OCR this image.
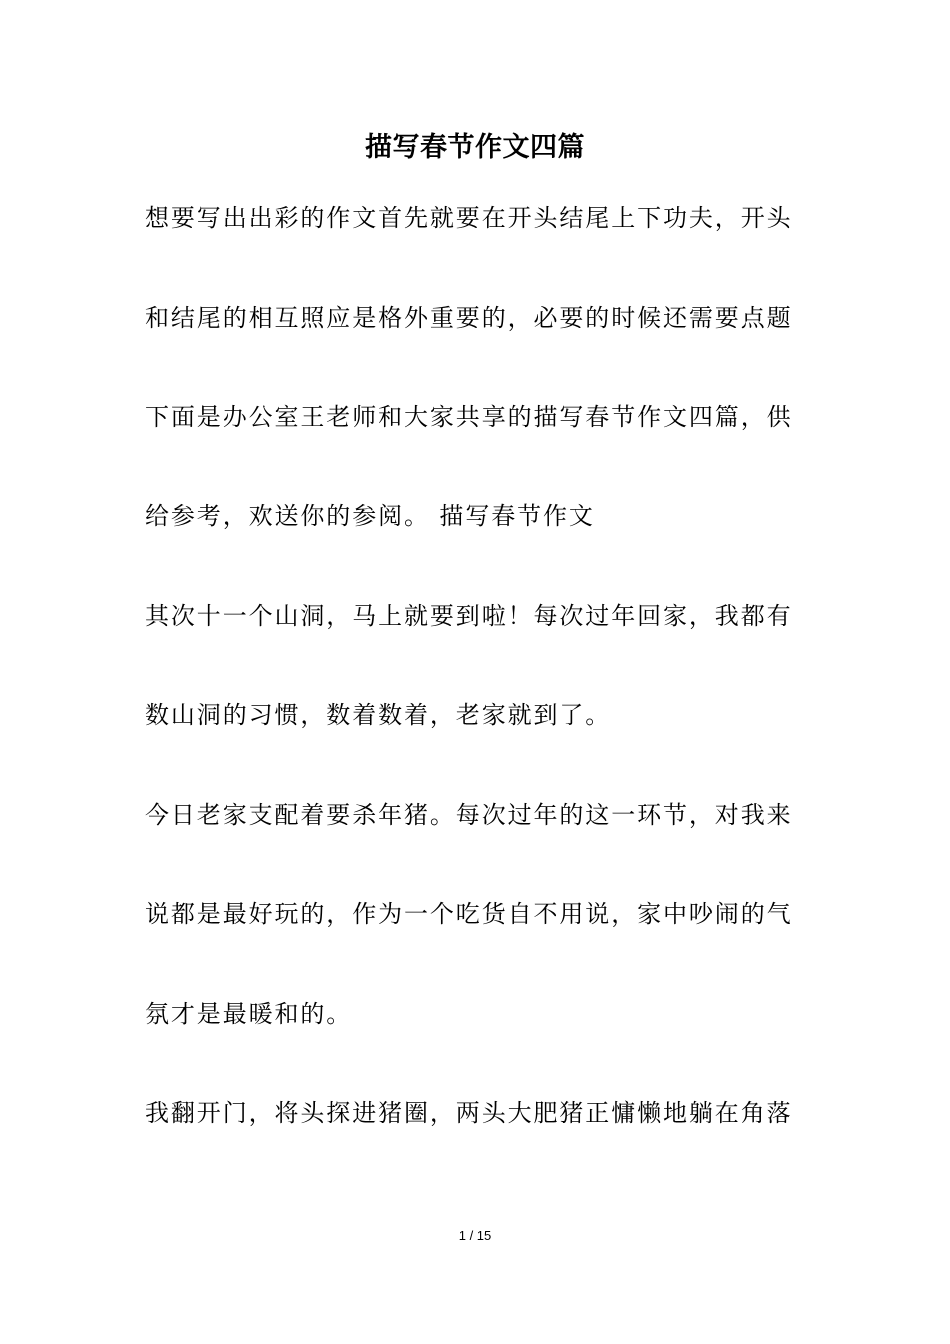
描写春节作文四篇
想要写出出彩的作文首先就要在开头结尾上下功夫，开头
和结尾的相互照应是格外重要的，必要的时候还需要点题
下面是办公室王老师和大家共享的描写春节作文四篇，供
给参考，欢送你的参阅。 描写春节作文
其次十一个山洞，马上就要到啦！每次过年回家，我都有
数山洞的习惯，数着数着，老家就到了。
今日老家支配着要杀年猪。每次过年的这一环节，对我来
说都是最好玩的，作为一个吃货自不用说，家中吵闹的气
氛才是最暖和的。
我翻开门，将头探进猪圈，两头大肥猪正慵懒地躺在角落
1 / 15
